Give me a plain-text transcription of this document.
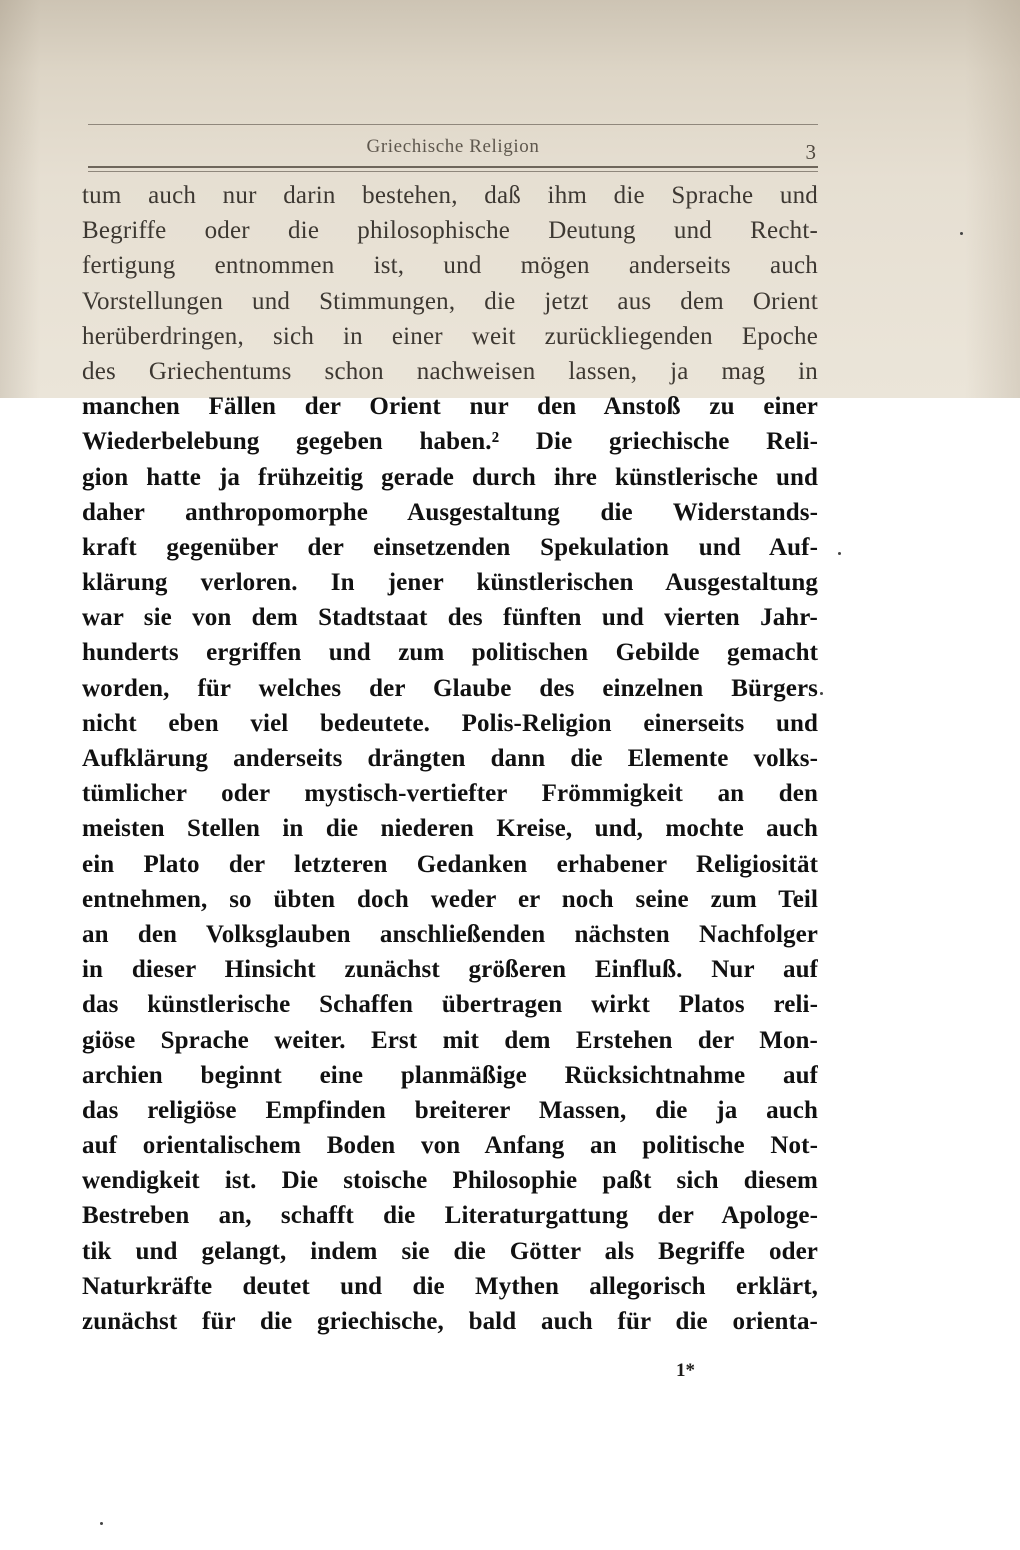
Griechische Religion	3
tum auch nur darin bestehen, daß ihm die Sprache und
Begriffe oder die philosophische Deutung und Recht-
fertigung entnommen ist, und mögen anderseits auch
Vorstellungen und Stimmungen, die jetzt aus dem Orient
herüberdringen, sich in einer weit zurückliegenden Epoche
des Griechentums schon nachweisen lassen, ja mag in
manchen Fällen der Orient nur den Anstoß zu einer
Wiederbelebung gegeben haben.² Die griechische Reli-
gion hatte ja frühzeitig gerade durch ihre künstlerische und
daher anthropomorphe Ausgestaltung die Widerstands-
kraft gegenüber der einsetzenden Spekulation und Auf-
klärung verloren. In jener künstlerischen Ausgestaltung
war sie von dem Stadtstaat des fünften und vierten Jahr-
hunderts ergriffen und zum politischen Gebilde gemacht
worden, für welches der Glaube des einzelnen Bürgers
nicht eben viel bedeutete. Polis-Religion einerseits und
Aufklärung anderseits drängten dann die Elemente volks-
tümlicher oder mystisch-vertiefter Frömmigkeit an den
meisten Stellen in die niederen Kreise, und, mochte auch
ein Plato der letzteren Gedanken erhabener Religiosität
entnehmen, so übten doch weder er noch seine zum Teil
an den Volksglauben anschließenden nächsten Nachfolger
in dieser Hinsicht zunächst größeren Einfluß. Nur auf
das künstlerische Schaffen übertragen wirkt Platos reli-
giöse Sprache weiter. Erst mit dem Erstehen der Mon-
archien beginnt eine planmäßige Rücksichtnahme auf
das religiöse Empfinden breiterer Massen, die ja auch
auf orientalischem Boden von Anfang an politische Not-
wendigkeit ist. Die stoische Philosophie paßt sich diesem
Bestreben an, schafft die Literaturgattung der Apologe-
tik und gelangt, indem sie die Götter als Begriffe oder
Naturkräfte deutet und die Mythen allegorisch erklärt,
zunächst für die griechische, bald auch für die orienta-
1*
